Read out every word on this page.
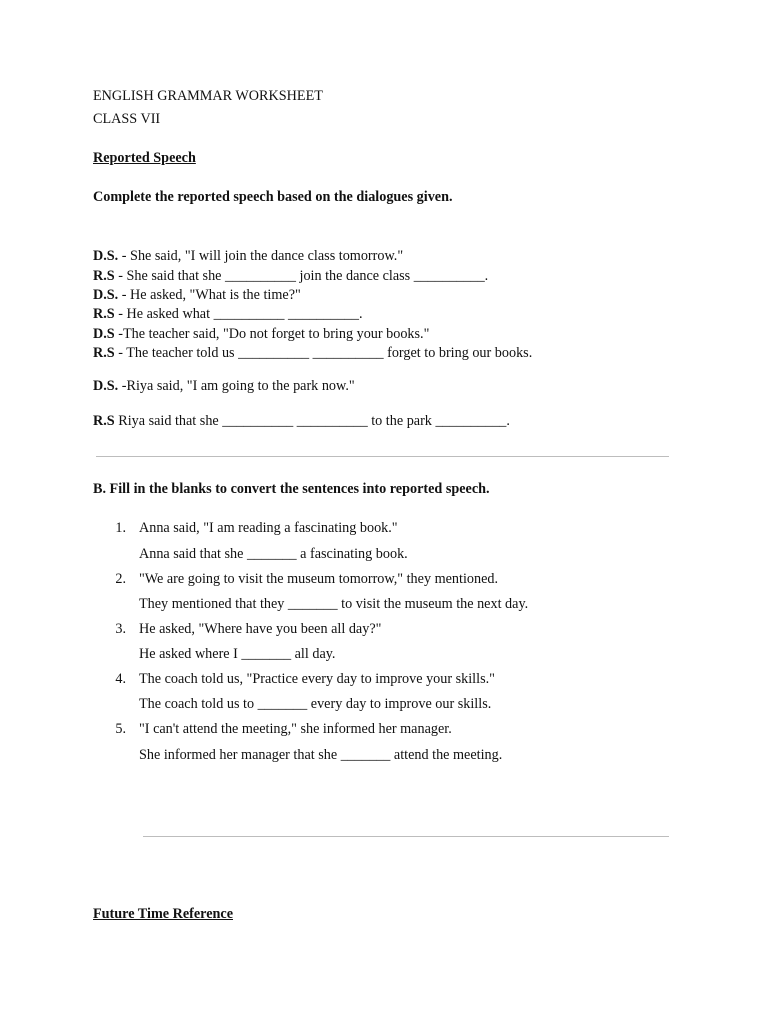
ENGLISH GRAMMAR WORKSHEET
CLASS VII
Reported Speech
Complete the reported speech based on the dialogues given.
D.S. - She said, "I will join the dance class tomorrow."
R.S - She said that she __________ join the dance class __________.
D.S. - He asked, "What is the time?"
R.S - He asked what __________ __________.
D.S -The teacher said, "Do not forget to bring your books."
R.S - The teacher told us __________ __________ forget to bring our books.
D.S. -Riya said, "I am going to the park now."
R.S Riya said that she __________ __________ to the park __________.
B. Fill in the blanks to convert the sentences into reported speech.
1. Anna said, "I am reading a fascinating book."
Anna said that she _______ a fascinating book.
2. "We are going to visit the museum tomorrow," they mentioned.
They mentioned that they _______ to visit the museum the next day.
3. He asked, "Where have you been all day?"
He asked where I _______ all day.
4. The coach told us, "Practice every day to improve your skills."
The coach told us to _______ every day to improve our skills.
5. "I can't attend the meeting," she informed her manager.
She informed her manager that she _______ attend the meeting.
Future Time Reference
